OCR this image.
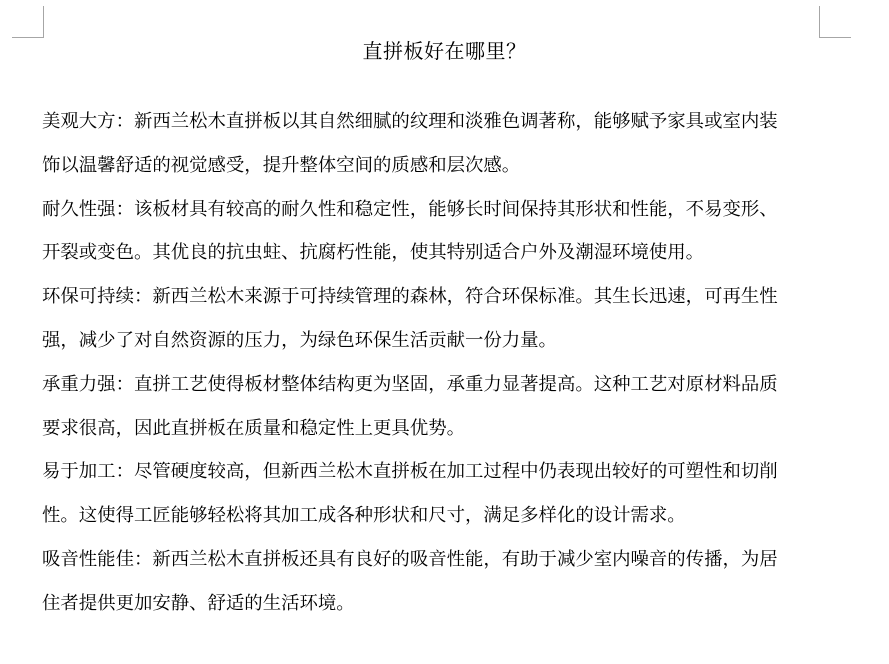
直拼板好在哪里？

美观大方：新西兰松木直拼板以其自然细腻的纹理和淡雅色调著称，能够赋予家具或室内装

饰以温馨舒适的视觉感受，提升整体空间的质感和层次感。

耐久性强：该板材具有较高的耐久性和稳定性，能够长时间保持其形状和性能，不易变形、

开裂或变色。其优良的抗虫蛀、抗腐朽性能，使其特别适合户外及潮湿环境使用。

环保可持续：新西兰松木来源于可持续管理的森林，符合环保标准。其生长迅速，可再生性

强，减少了对自然资源的压力，为绿色环保生活贡献一份力量。

承重力强：直拼工艺使得板材整体结构更为坚固，承重力显著提高。这种工艺对原材料品质

要求很高，因此直拼板在质量和稳定性上更具优势。

易于加工：尽管硬度较高，但新西兰松木直拼板在加工过程中仍表现出较好的可塑性和切削

性。这使得工匠能够轻松将其加工成各种形状和尺寸，满足多样化的设计需求。

吸音性能佳：新西兰松木直拼板还具有良好的吸音性能，有助于减少室内噪音的传播，为居

住者提供更加安静、舒适的生活环境。
